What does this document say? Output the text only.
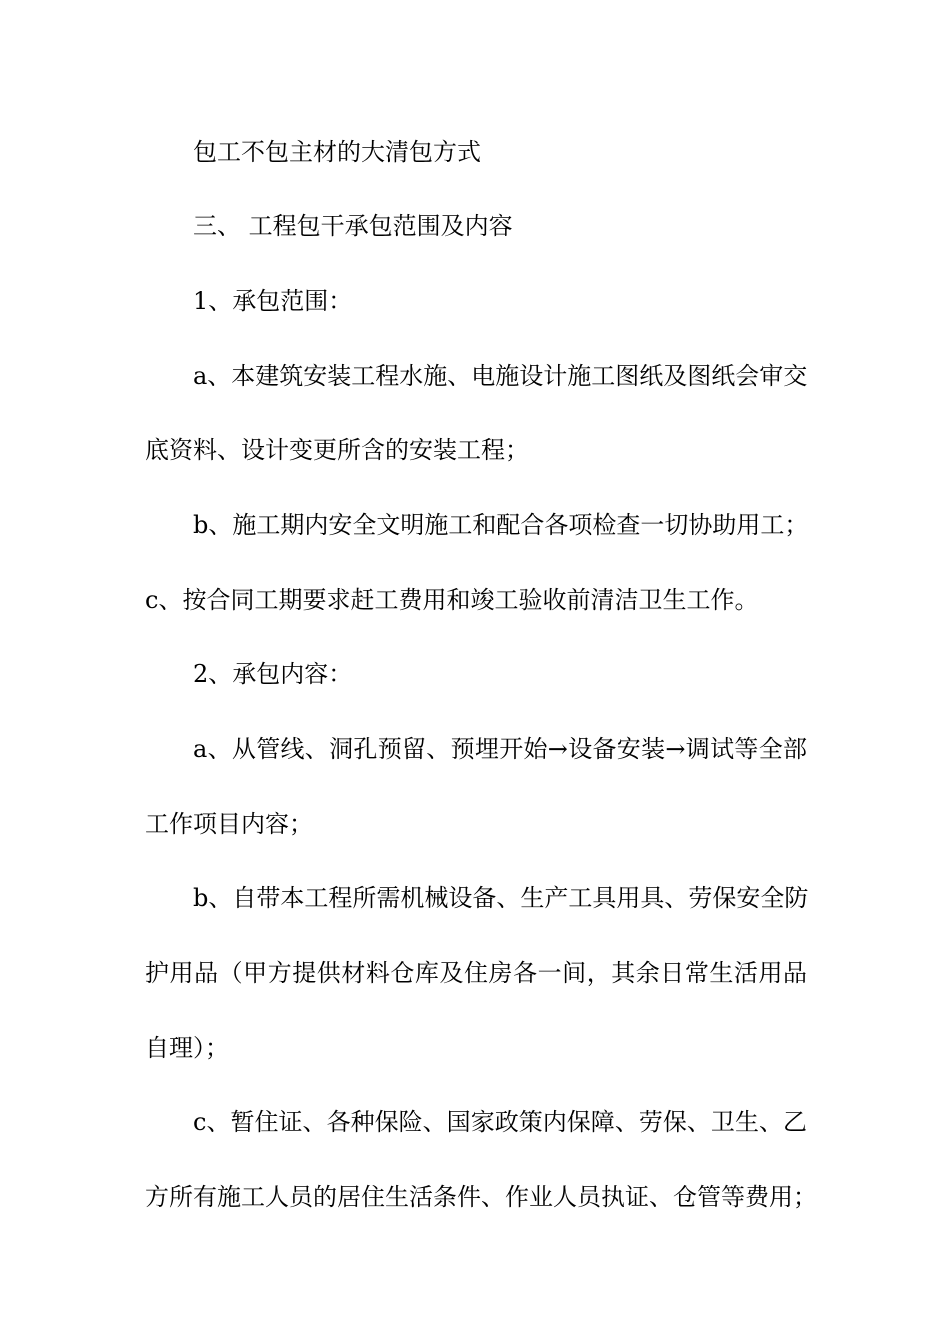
包工不包主材的大清包方式
三、 工程包干承包范围及内容
1、承包范围：
a、本建筑安装工程水施、电施设计施工图纸及图纸会审交
底资料、设计变更所含的安装工程；
b、施工期内安全文明施工和配合各项检查一切协助用工；
c、按合同工期要求赶工费用和竣工验收前清洁卫生工作。
2、承包内容：
a、从管线、洞孔预留、预埋开始→设备安装→调试等全部
工作项目内容；
b、自带本工程所需机械设备、生产工具用具、劳保安全防
护用品（甲方提供材料仓库及住房各一间，其余日常生活用品
自理）；
c、暂住证、各种保险、国家政策内保障、劳保、卫生、乙
方所有施工人员的居住生活条件、作业人员执证、仓管等费用；
